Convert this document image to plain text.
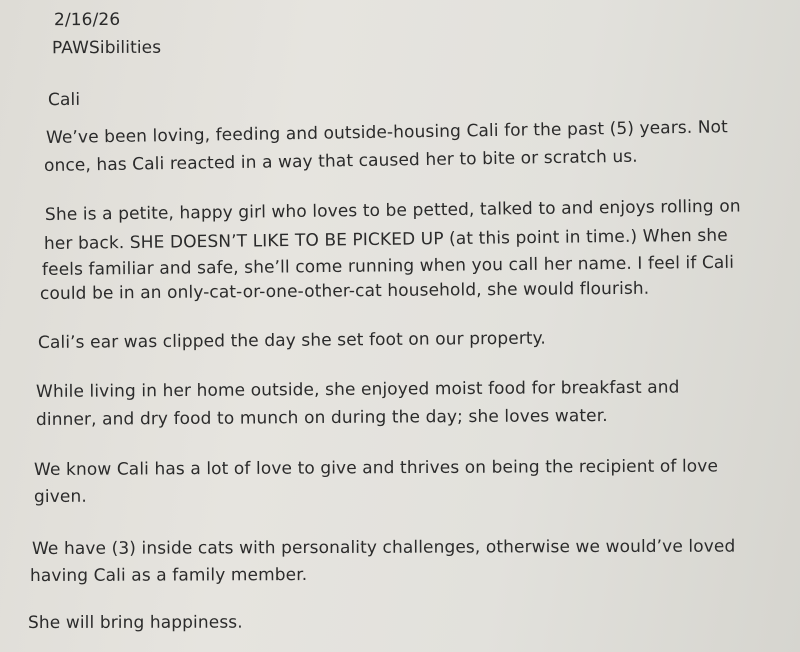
2/16/26
PAWSibilities
Cali
We’ve been loving, feeding and outside-housing Cali for the past (5) years. Not
once, has Cali reacted in a way that caused her to bite or scratch us.
She is a petite, happy girl who loves to be petted, talked to and enjoys rolling on
her back. SHE DOESN’T LIKE TO BE PICKED UP (at this point in time.) When she
feels familiar and safe, she’ll come running when you call her name. I feel if Cali
could be in an only-cat-or-one-other-cat household, she would flourish.
Cali’s ear was clipped the day she set foot on our property.
While living in her home outside, she enjoyed moist food for breakfast and
dinner, and dry food to munch on during the day; she loves water.
We know Cali has a lot of love to give and thrives on being the recipient of love
given.
We have (3) inside cats with personality challenges, otherwise we would’ve loved
having Cali as a family member.
She will bring happiness.
